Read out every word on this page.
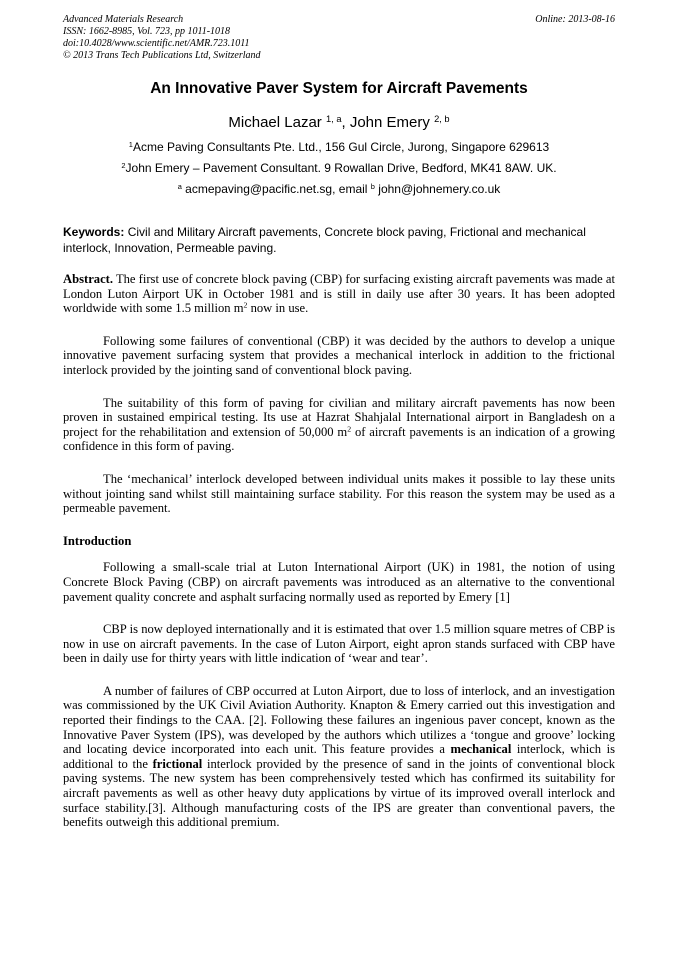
Advanced Materials Research
ISSN: 1662-8985, Vol. 723, pp 1011-1018
doi:10.4028/www.scientific.net/AMR.723.1011
© 2013 Trans Tech Publications Ltd, Switzerland
Online: 2013-08-16
An Innovative Paver System for Aircraft Pavements
Michael Lazar $^{1, a}$, John Emery $^{2, b}$
$^1$Acme Paving Consultants Pte. Ltd., 156 Gul Circle, Jurong, Singapore 629613
$^2$John Emery – Pavement Consultant. 9 Rowallan Drive, Bedford, MK41 8AW. UK.
$^a$ acmepaving@pacific.net.sg, email $^b$ john@johnemery.co.uk
Keywords: Civil and Military Aircraft pavements, Concrete block paving, Frictional and mechanical interlock, Innovation, Permeable paving.

Abstract. The first use of concrete block paving (CBP) for surfacing existing aircraft pavements was made at London Luton Airport UK in October 1981 and is still in daily use after 30 years. It has been adopted worldwide with some 1.5 million $m^2$ now in use.

Following some failures of conventional (CBP) it was decided by the authors to develop a unique innovative pavement surfacing system that provides a mechanical interlock in addition to the frictional interlock provided by the jointing sand of conventional block paving.

The suitability of this form of paving for civilian and military aircraft pavements has now been proven in sustained empirical testing. Its use at Hazrat Shahjalal International airport in Bangladesh on a project for the rehabilitation and extension of 50,000 $m^2$ of aircraft pavements is an indication of a growing confidence in this form of paving.

The ‘mechanical’ interlock developed between individual units makes it possible to lay these units without jointing sand whilst still maintaining surface stability. For this reason the system may be used as a permeable pavement.

Introduction

Following a small-scale trial at Luton International Airport (UK) in 1981, the notion of using Concrete Block Paving (CBP) on aircraft pavements was introduced as an alternative to the conventional pavement quality concrete and asphalt surfacing normally used as reported by Emery [1]

CBP is now deployed internationally and it is estimated that over 1.5 million square metres of CBP is now in use on aircraft pavements. In the case of Luton Airport, eight apron stands surfaced with CBP have been in daily use for thirty years with little indication of ‘wear and tear’.

A number of failures of CBP occurred at Luton Airport, due to loss of interlock, and an investigation was commissioned by the UK Civil Aviation Authority. Knapton & Emery carried out this investigation and reported their findings to the CAA. [2]. Following these failures an ingenious paver concept, known as the Innovative Paver System (IPS), was developed by the authors which utilizes a ‘tongue and groove’ locking and locating device incorporated into each unit. This feature provides a mechanical interlock, which is additional to the frictional interlock provided by the presence of sand in the joints of conventional block paving systems. The new system has been comprehensively tested which has confirmed its suitability for aircraft pavements as well as other heavy duty applications by virtue of its improved overall interlock and surface stability.[3]. Although manufacturing costs of the IPS are greater than conventional pavers, the benefits outweigh this additional premium.
